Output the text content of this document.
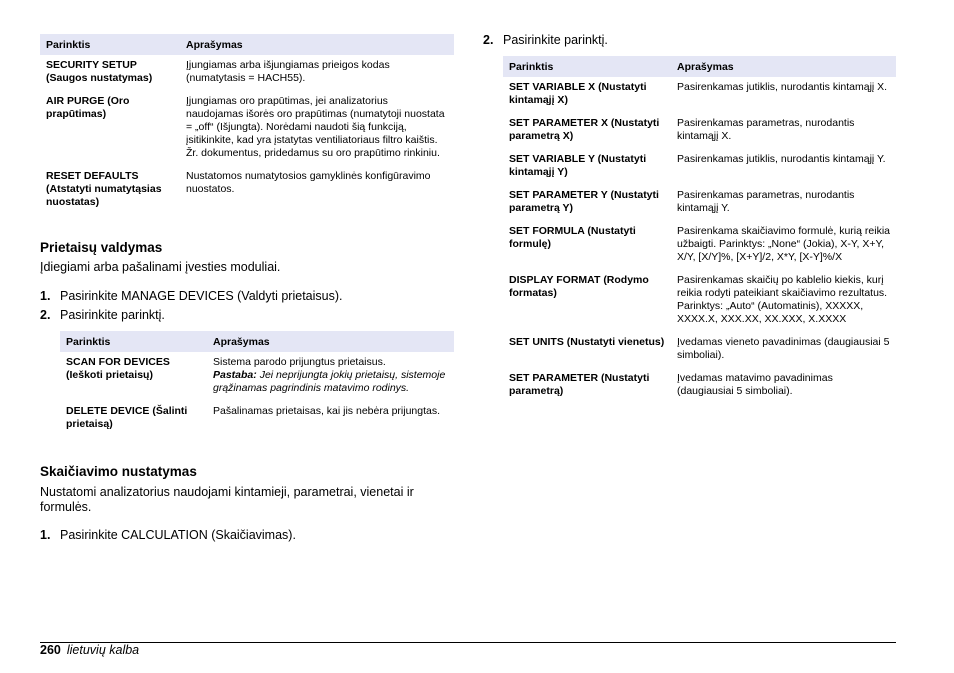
Parinktis	Aprašymas
SECURITY SETUP (Saugos nustatymas)	Įjungiamas arba išjungiamas prieigos kodas (numatytasis = HACH55).
AIR PURGE (Oro prapūtimas)	Įjungiamas oro prapūtimas, jei analizatorius naudojamas išorės oro prapūtimas (numatytoji nuostata = „off“ (Išjungta). Norėdami naudoti šią funkciją, įsitikinkite, kad yra įstatytas ventiliatoriaus filtro kaištis. Žr. dokumentus, pridedamus su oro prapūtimo rinkiniu.
RESET DEFAULTS (Atstatyti numatytąsias nuostatas)	Nustatomos numatytosios gamyklinės konfigūravimo nuostatos.
Prietaisų valdymas
Įdiegiami arba pašalinami įvesties moduliai.
1. Pasirinkite MANAGE DEVICES (Valdyti prietaisus).
2. Pasirinkite parinktį.
Parinktis	Aprašymas
SCAN FOR DEVICES (Ieškoti prietaisų)	Sistema parodo prijungtus prietaisus.
Pastaba: Jei neprijungta jokių prietaisų, sistemoje grąžinamas pagrindinis matavimo rodinys.
DELETE DEVICE (Šalinti prietaisą)	Pašalinamas prietaisas, kai jis nebėra prijungtas.
Skaičiavimo nustatymas
Nustatomi analizatorius naudojami kintamieji, parametrai, vienetai ir formulės.
1. Pasirinkite CALCULATION (Skaičiavimas).
2. Pasirinkite parinktį.
Parinktis	Aprašymas
SET VARIABLE X (Nustatyti kintamąjį X)	Pasirenkamas jutiklis, nurodantis kintamąjį X.
SET PARAMETER X (Nustatyti parametrą X)	Pasirenkamas parametras, nurodantis kintamąjį X.
SET VARIABLE Y (Nustatyti kintamąjį Y)	Pasirenkamas jutiklis, nurodantis kintamąjį Y.
SET PARAMETER Y (Nustatyti parametrą Y)	Pasirenkamas parametras, nurodantis kintamąjį Y.
SET FORMULA (Nustatyti formulę)	Pasirenkama skaičiavimo formulė, kurią reikia užbaigti. Parinktys: „None“ (Jokia), X-Y, X+Y, X/Y, [X/Y]%, [X+Y]/2, X*Y, [X-Y]%/X
DISPLAY FORMAT (Rodymo formatas)	Pasirenkamas skaičių po kablelio kiekis, kurį reikia rodyti pateikiant skaičiavimo rezultatus. Parinktys: „Auto“ (Automatinis), XXXXX, XXXX.X, XXX.XX, XX.XXX, X.XXXX
SET UNITS (Nustatyti vienetus)	Įvedamas vieneto pavadinimas (daugiausiai 5 simboliai).
SET PARAMETER (Nustatyti parametrą)	Įvedamas matavimo pavadinimas (daugiausiai 5 simboliai).
260 lietuvių kalba
